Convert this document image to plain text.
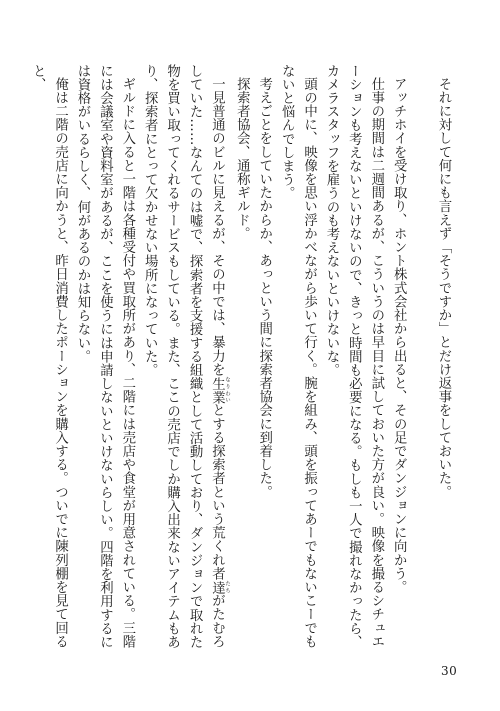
それに対して何にも言えず「そうですか」とだけ返事をしておいた。

アッチホイを受け取り、ホント株式会社から出ると、その足でダンジョンに向かう。

仕事の期間は二週間あるが、こういうのは早目に試しておいた方が良い。映像を撮るシチュエーションも考えないといけないので、きっと時間も必要になる。もしも一人で撮れなかったら、カメラスタッフを雇うのも考えないといけないな。

頭の中に、映像を思い浮かべながら歩いて行く。腕を組み、頭を振ってあーでもないこーでもないと悩んでしまう。

考えごとをしていたからか、あっという間に探索者協会に到着した。

探索者協会、通称ギルド。

一見普通のビルに見えるが、その中では、暴力を生業 なりわいとする探索者という荒くれ者達 たちがたむろしていた……なんてのは嘘で、探索者を支援する組織として活動しており、ダンジョンで取れた物を買い取ってくれるサービスもしている。また、ここの売店でしか購入出来ないアイテムもあり、探索者にとって欠かせない場所になっていた。

ギルドに入ると一階は各種受付や買取所があり、二階には売店や食堂が用意されている。三階には会議室や資料室があるが、ここを使うには申請しないといけないらしい。四階を利用するには資格がいるらしく、何があるのかは知らない。

俺は二階の売店に向かうと、昨日消費したポーションを購入する。ついでに陳列棚を見て回ると、

30
